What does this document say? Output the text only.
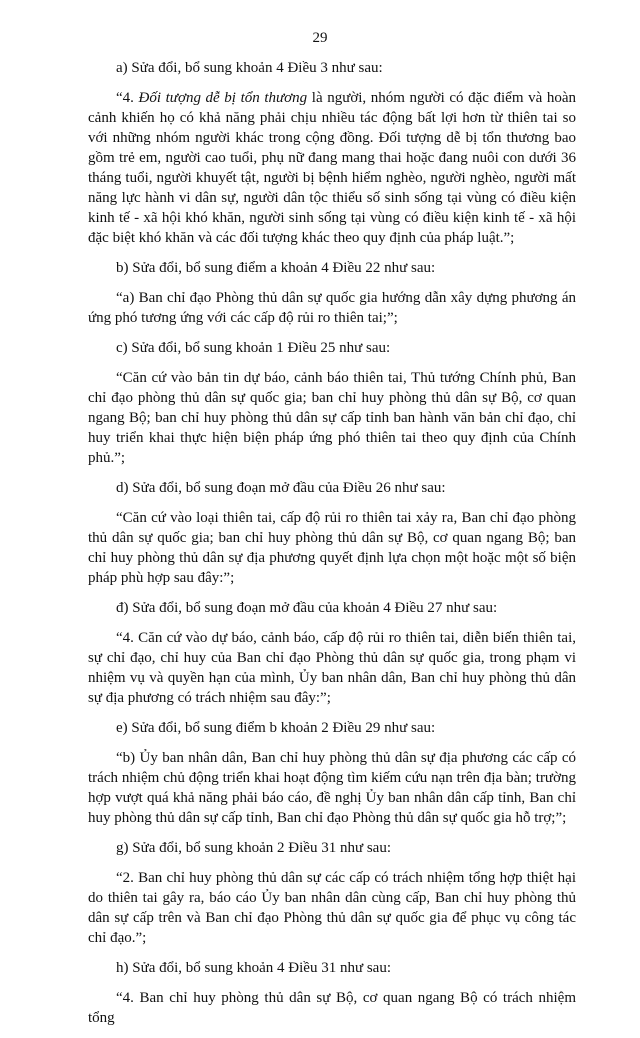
29

a) Sửa đổi, bổ sung khoản 4 Điều 3 như sau:

“4. Đối tượng dễ bị tổn thương là người, nhóm người có đặc điểm và hoàn cảnh khiến họ có khả năng phải chịu nhiều tác động bất lợi hơn từ thiên tai so với những nhóm người khác trong cộng đồng. Đối tượng dễ bị tổn thương bao gồm trẻ em, người cao tuổi, phụ nữ đang mang thai hoặc đang nuôi con dưới 36 tháng tuổi, người khuyết tật, người bị bệnh hiểm nghèo, người nghèo, người mất năng lực hành vi dân sự, người dân tộc thiểu số sinh sống tại vùng có điều kiện kinh tế - xã hội khó khăn, người sinh sống tại vùng có điều kiện kinh tế - xã hội đặc biệt khó khăn và các đối tượng khác theo quy định của pháp luật.”;

b) Sửa đổi, bổ sung điểm a khoản 4 Điều 22 như sau:

“a) Ban chỉ đạo Phòng thủ dân sự quốc gia hướng dẫn xây dựng phương án ứng phó tương ứng với các cấp độ rủi ro thiên tai;”;

c) Sửa đổi, bổ sung khoản 1 Điều 25 như sau:

“Căn cứ vào bản tin dự báo, cảnh báo thiên tai, Thủ tướng Chính phủ, Ban chỉ đạo phòng thủ dân sự quốc gia; ban chỉ huy phòng thủ dân sự Bộ, cơ quan ngang Bộ; ban chỉ huy phòng thủ dân sự cấp tỉnh ban hành văn bản chỉ đạo, chỉ huy triển khai thực hiện biện pháp ứng phó thiên tai theo quy định của Chính phủ.”;

d) Sửa đổi, bổ sung đoạn mở đầu của Điều 26 như sau:

“Căn cứ vào loại thiên tai, cấp độ rủi ro thiên tai xảy ra, Ban chỉ đạo phòng thủ dân sự quốc gia; ban chỉ huy phòng thủ dân sự Bộ, cơ quan ngang Bộ; ban chỉ huy phòng thủ dân sự địa phương quyết định lựa chọn một hoặc một số biện pháp phù hợp sau đây:”;

đ) Sửa đổi, bổ sung đoạn mở đầu của khoản 4 Điều 27 như sau:

“4. Căn cứ vào dự báo, cảnh báo, cấp độ rủi ro thiên tai, diễn biến thiên tai, sự chỉ đạo, chỉ huy của Ban chỉ đạo Phòng thủ dân sự quốc gia, trong phạm vi nhiệm vụ và quyền hạn của mình, Ủy ban nhân dân, Ban chỉ huy phòng thủ dân sự địa phương có trách nhiệm sau đây:”;

e) Sửa đổi, bổ sung điểm b khoản 2 Điều 29 như sau:

“b) Ủy ban nhân dân, Ban chỉ huy phòng thủ dân sự địa phương các cấp có trách nhiệm chủ động triển khai hoạt động tìm kiếm cứu nạn trên địa bàn; trường hợp vượt quá khả năng phải báo cáo, đề nghị Ủy ban nhân dân cấp tỉnh, Ban chỉ huy phòng thủ dân sự cấp tỉnh, Ban chỉ đạo Phòng thủ dân sự quốc gia hỗ trợ;”;

g) Sửa đổi, bổ sung khoản 2 Điều 31 như sau:

“2. Ban chỉ huy phòng thủ dân sự các cấp có trách nhiệm tổng hợp thiệt hại do thiên tai gây ra, báo cáo Ủy ban nhân dân cùng cấp, Ban chỉ huy phòng thủ dân sự cấp trên và Ban chỉ đạo Phòng thủ dân sự quốc gia để phục vụ công tác chỉ đạo.”;

h) Sửa đổi, bổ sung khoản 4 Điều 31 như sau:

“4. Ban chỉ huy phòng thủ dân sự Bộ, cơ quan ngang Bộ có trách nhiệm tổng
